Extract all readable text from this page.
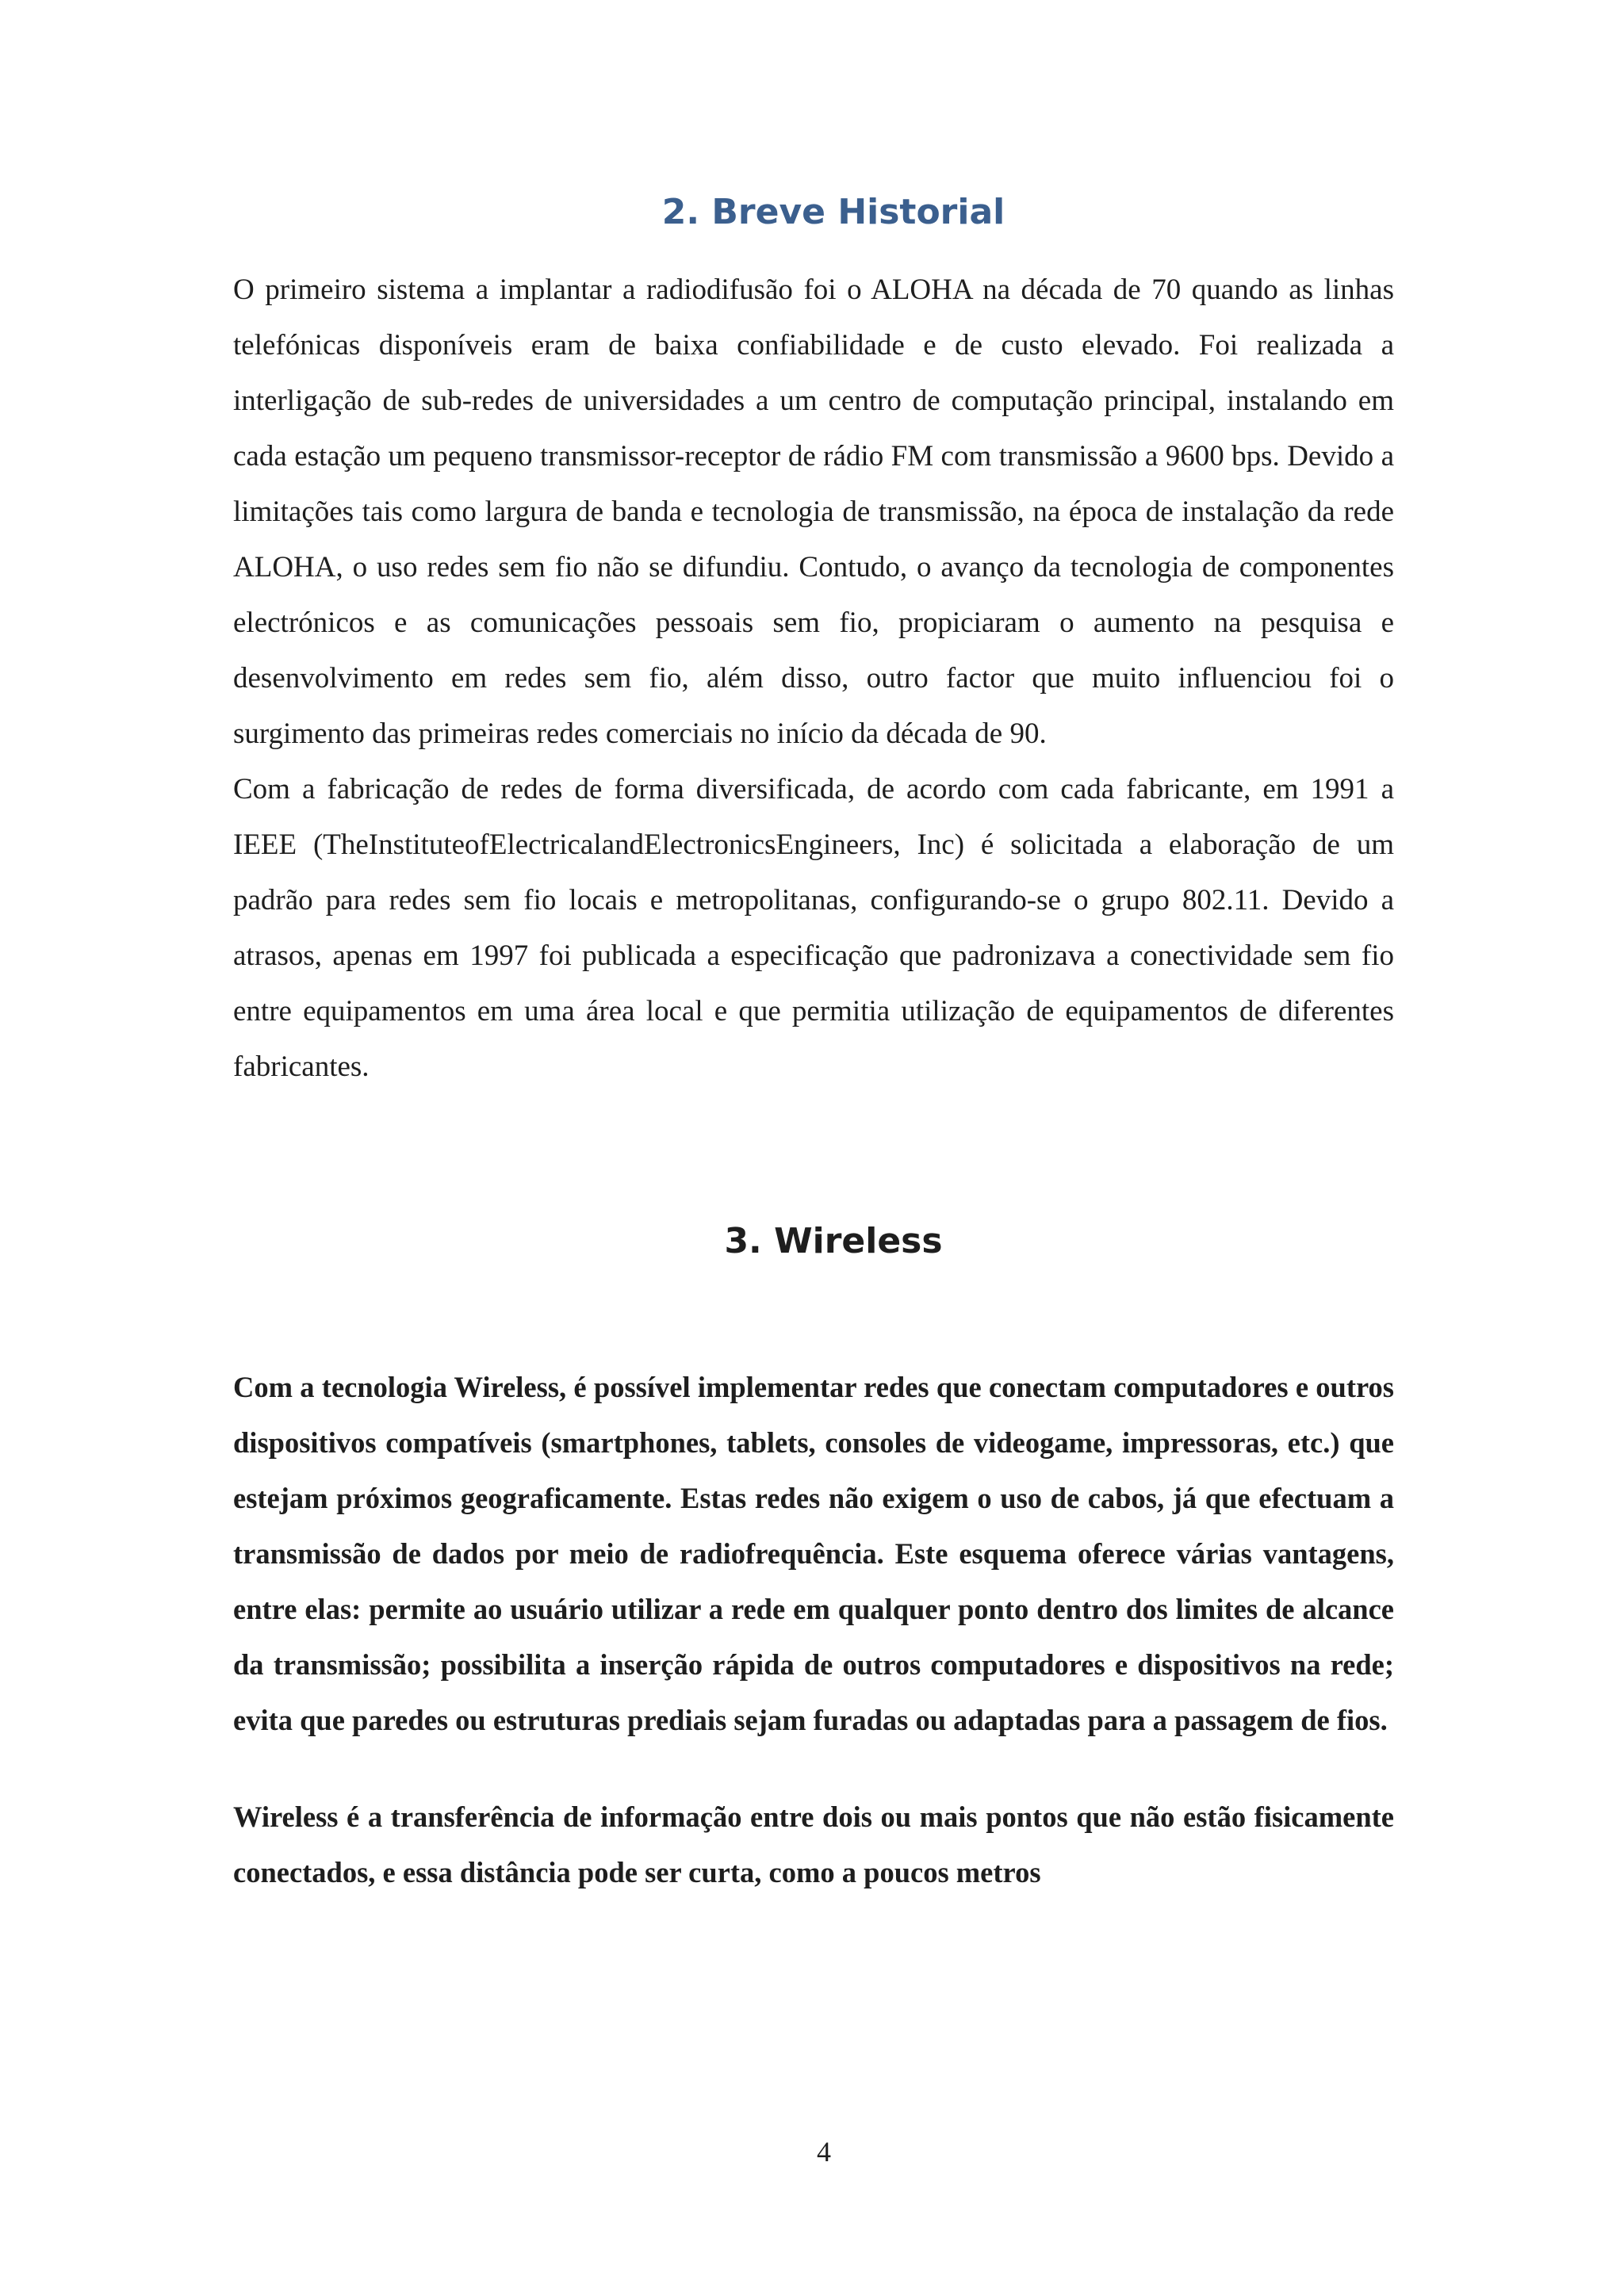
2. Breve Historial

O primeiro sistema a implantar a radiodifusão foi o ALOHA na década de 70 quando as linhas telefónicas disponíveis eram de baixa confiabilidade e de custo elevado. Foi realizada a interligação de sub-redes de universidades a um centro de computação principal, instalando em cada estação um pequeno transmissor-receptor de rádio FM com transmissão a 9600 bps. Devido a limitações tais como largura de banda e tecnologia de transmissão, na época de instalação da rede ALOHA, o uso redes sem fio não se difundiu. Contudo, o avanço da tecnologia de componentes electrónicos e as comunicações pessoais sem fio, propiciaram o aumento na pesquisa e desenvolvimento em redes sem fio, além disso, outro factor que muito influenciou foi o surgimento das primeiras redes comerciais no início da década de 90.

Com a fabricação de redes de forma diversificada, de acordo com cada fabricante, em 1991 a IEEE (TheInstituteofElectricalandElectronicsEngineers, Inc) é solicitada a elaboração de um padrão para redes sem fio locais e metropolitanas, configurando-se o grupo 802.11. Devido a atrasos, apenas em 1997 foi publicada a especificação que padronizava a conectividade sem fio entre equipamentos em uma área local e que permitia utilização de equipamentos de diferentes fabricantes.

3. Wireless

Com a tecnologia Wireless, é possível implementar redes que conectam computadores e outros dispositivos compatíveis (smartphones, tablets, consoles de videogame, impressoras, etc.) que estejam próximos geograficamente. Estas redes não exigem o uso de cabos, já que efectuam a transmissão de dados por meio de radiofrequência. Este esquema oferece várias vantagens, entre elas: permite ao usuário utilizar a rede em qualquer ponto dentro dos limites de alcance da transmissão; possibilita a inserção rápida de outros computadores e dispositivos na rede; evita que paredes ou estruturas prediais sejam furadas ou adaptadas para a passagem de fios.

Wireless é a transferência de informação entre dois ou mais pontos que não estão fisicamente conectados, e essa distância pode ser curta, como a poucos metros

4
